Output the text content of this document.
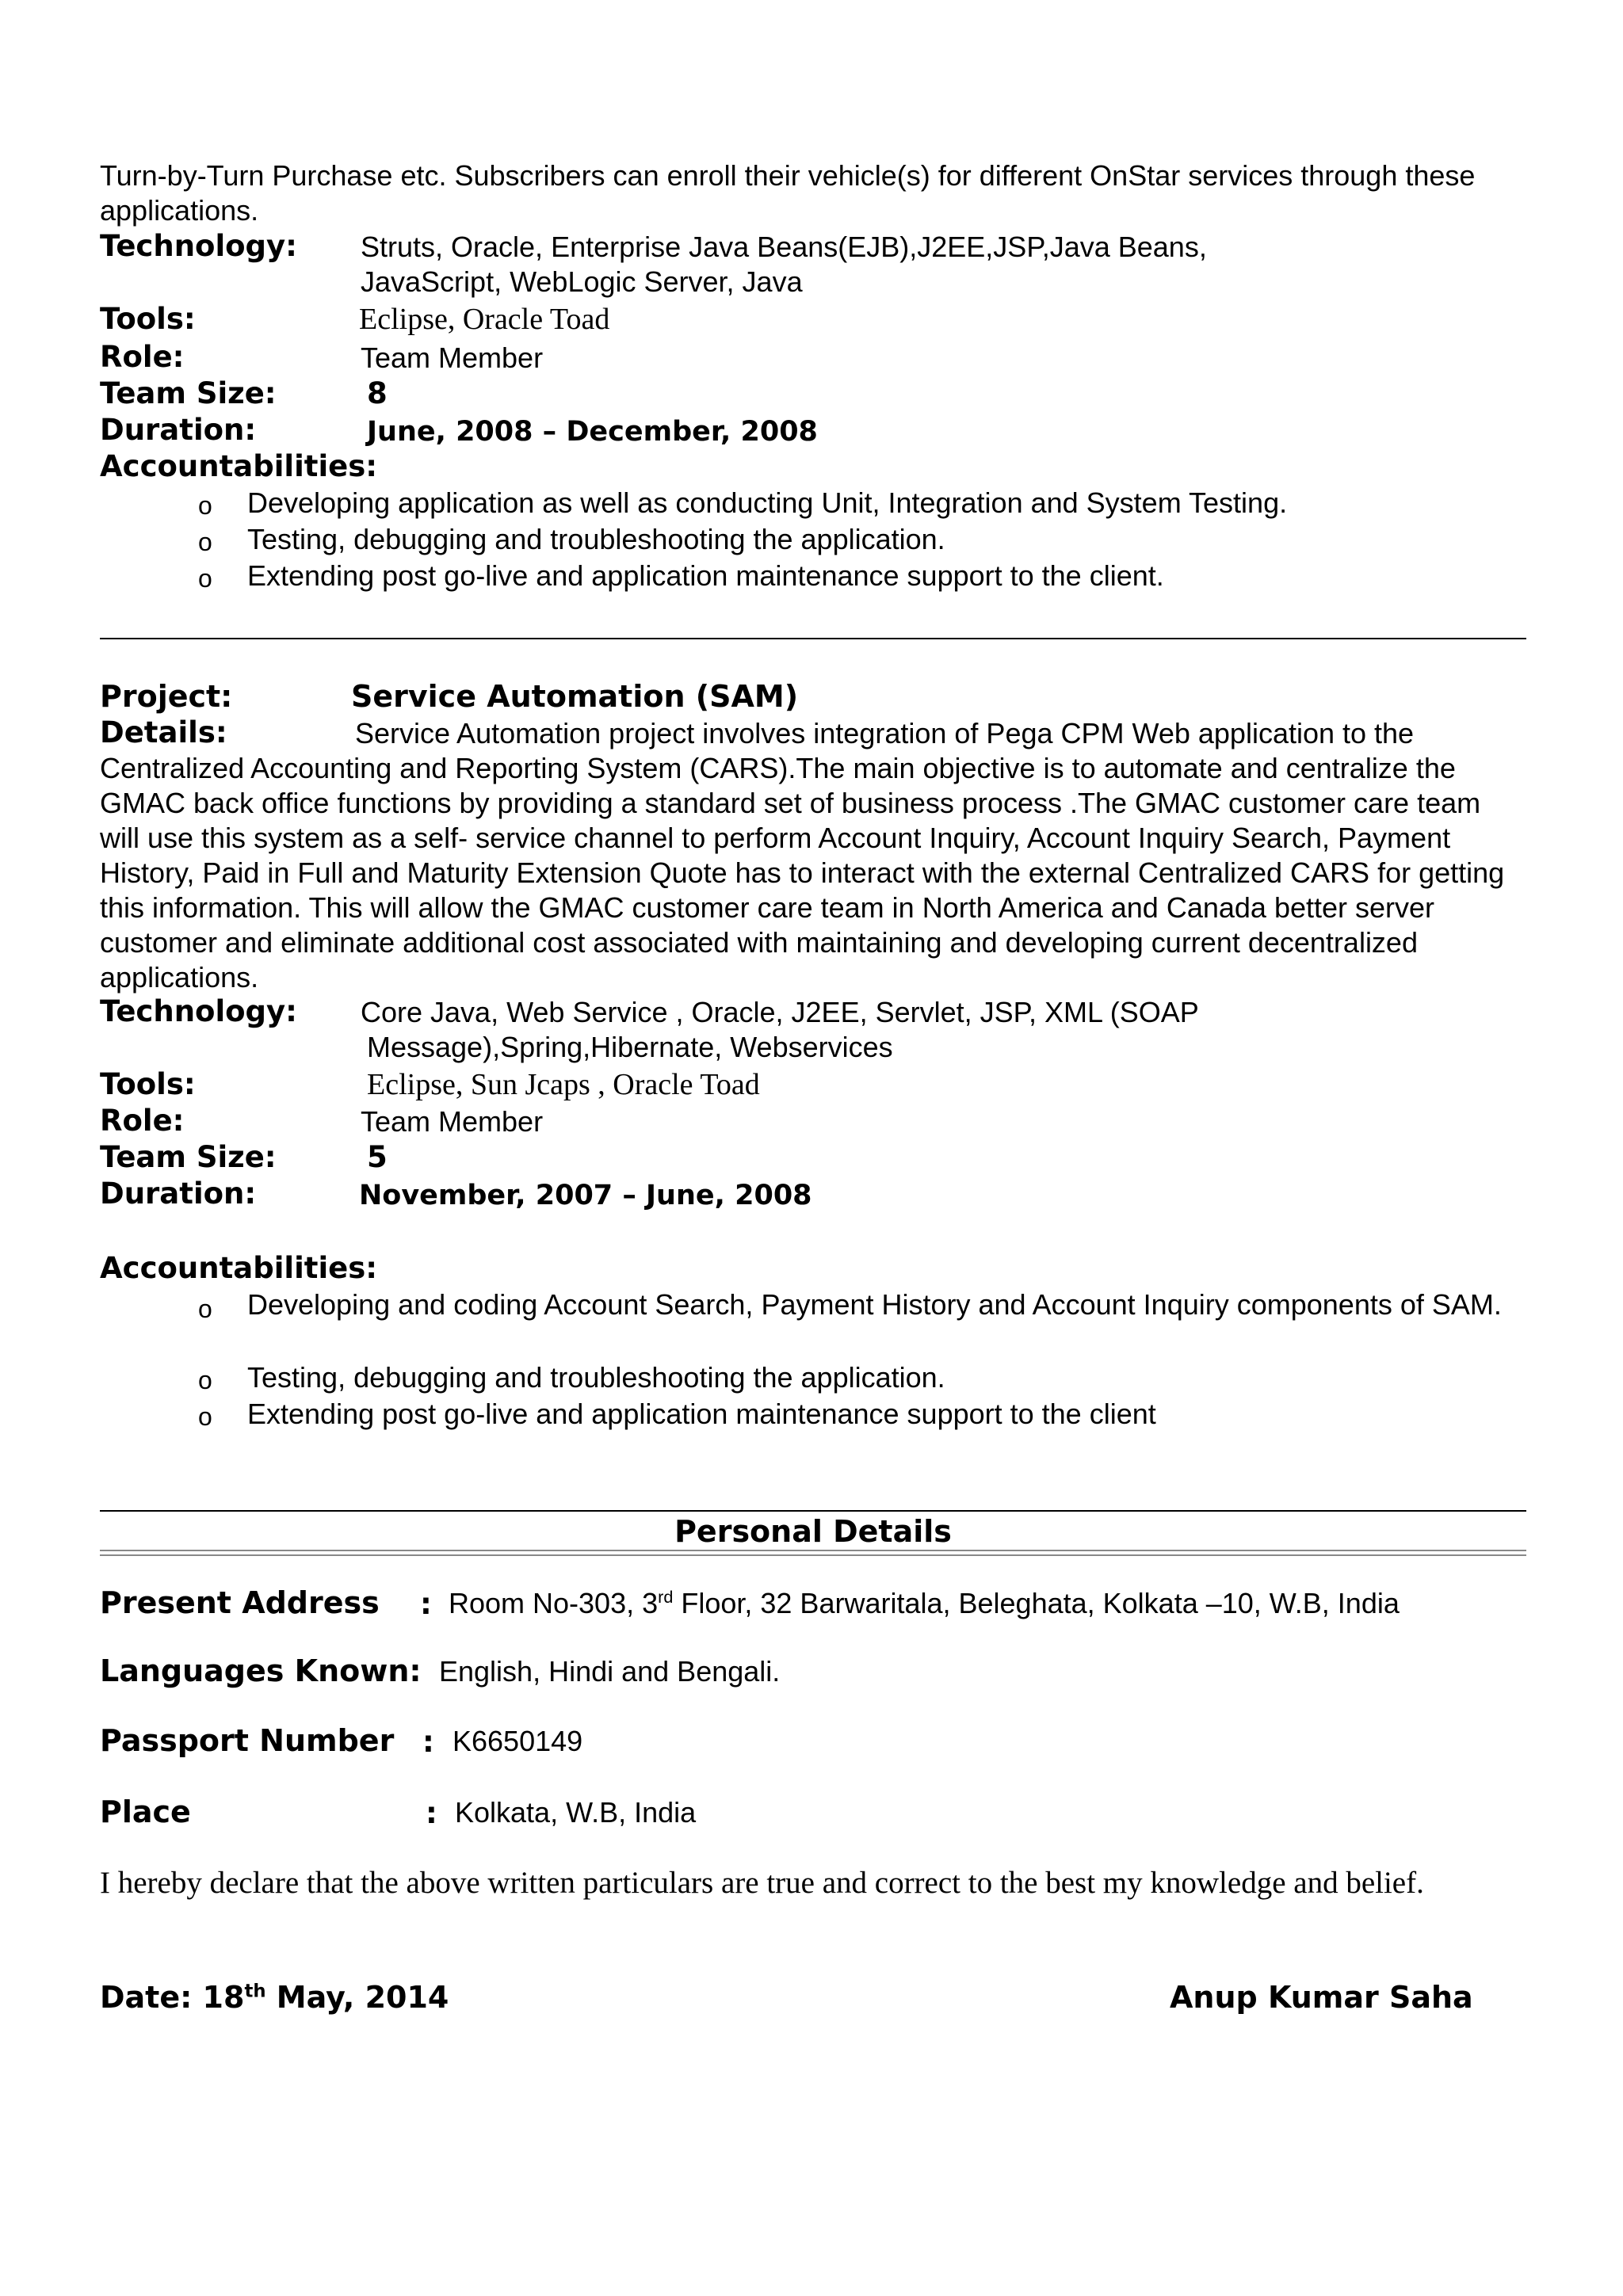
Turn-by-Turn Purchase etc. Subscribers can enroll their vehicle(s) for different OnStar services through these applications.
Technology: Struts, Oracle, Enterprise Java Beans(EJB),J2EE,JSP,Java Beans,
JavaScript, WebLogic Server, Java
Tools:	Eclipse, Oracle Toad
Role:	Team Member
Team Size:	8
Duration:	June, 2008 – December, 2008
Accountabilities:
o Developing application as well as conducting Unit, Integration and System Testing.
o Testing, debugging and troubleshooting the application.
o Extending post go-live and application maintenance support to the client.
Project:	Service Automation (SAM)
Details:	Service Automation project involves integration of Pega CPM Web application to the
Centralized Accounting and Reporting System (CARS).The main objective is to automate and centralize the GMAC back office functions by providing a standard set of business process .The GMAC customer care team will use this system as a self- service channel to perform Account Inquiry, Account Inquiry Search, Payment History, Paid in Full and Maturity Extension Quote has to interact with the external Centralized CARS for getting this information. This will allow the GMAC customer care team in North America and Canada better server customer and eliminate additional cost associated with maintaining and developing current decentralized applications.
Technology: Core Java, Web Service , Oracle, J2EE, Servlet, JSP, XML (SOAP
Message),Spring,Hibernate, Webservices
Tools:	Eclipse, Sun Jcaps , Oracle Toad
Role:	Team Member
Team Size:	5
Duration:	November, 2007 – June, 2008
Accountabilities:
o Developing and coding Account Search, Payment History and Account Inquiry components of SAM.
o Testing, debugging and troubleshooting the application.
o Extending post go-live and application maintenance support to the client
Personal Details
Present Address : Room No-303, 3rd Floor, 32 Barwaritala, Beleghata, Kolkata –10, W.B, India
Languages Known: English, Hindi and Bengali.
Passport Number : K6650149
Place	: Kolkata, W.B, India
I hereby declare that the above written particulars are true and correct to the best my knowledge and belief.
Date: 18th May, 2014	Anup Kumar Saha
